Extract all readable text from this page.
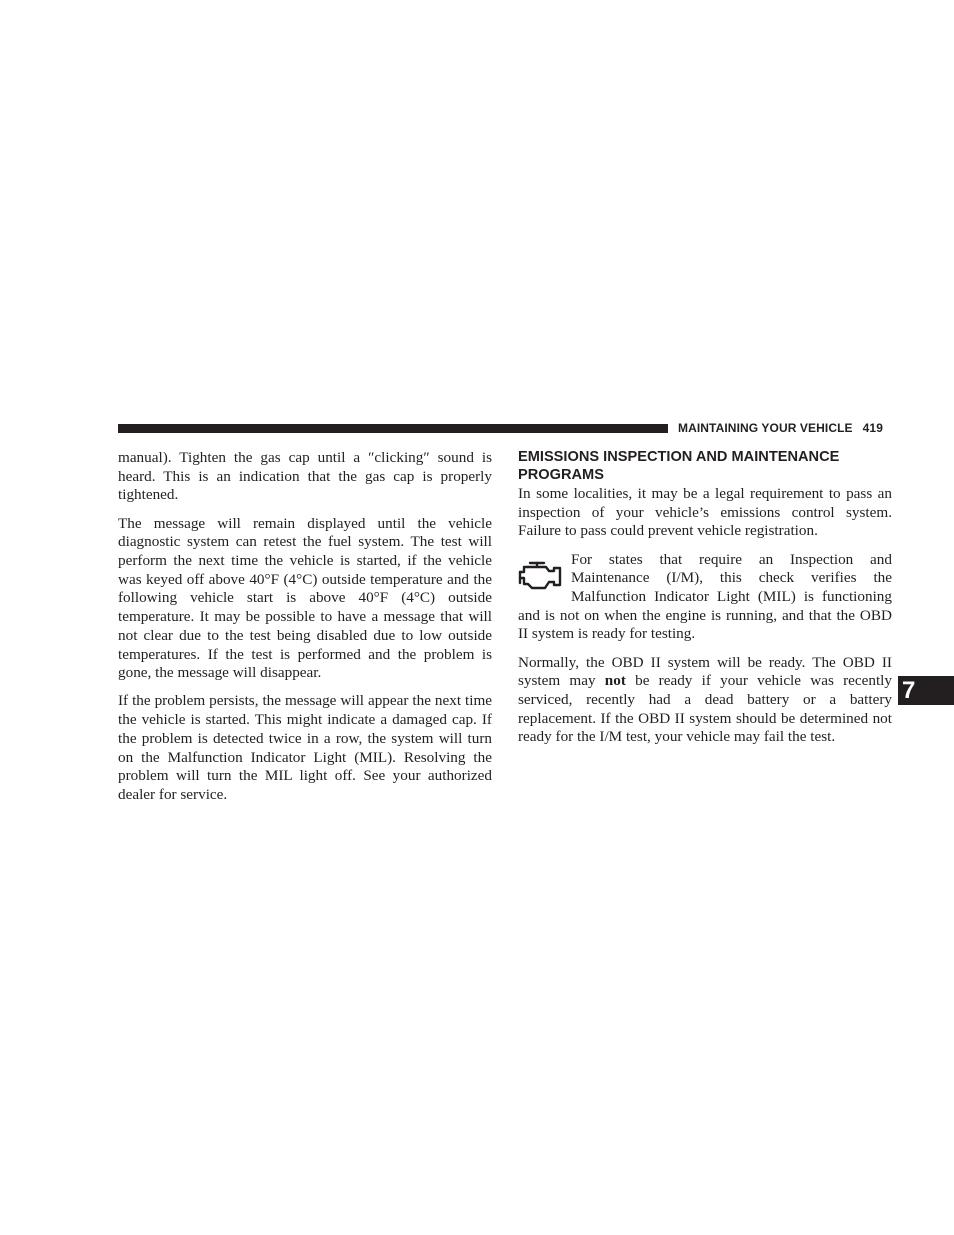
MAINTAINING YOUR VEHICLE 419

manual). Tighten the gas cap until a ″clicking″ sound is heard. This is an indication that the gas cap is properly tightened.

The message will remain displayed until the vehicle diagnostic system can retest the fuel system. The test will perform the next time the vehicle is started, if the vehicle was keyed off above 40°F (4°C) outside temperature and the following vehicle start is above 40°F (4°C) outside temperature. It may be possible to have a message that will not clear due to the test being disabled due to low outside temperatures. If the test is performed and the problem is gone, the message will disappear.

If the problem persists, the message will appear the next time the vehicle is started. This might indicate a damaged cap. If the problem is detected twice in a row, the system will turn on the Malfunction Indicator Light (MIL). Resolving the problem will turn the MIL light off. See your authorized dealer for service.

EMISSIONS INSPECTION AND MAINTENANCE PROGRAMS

In some localities, it may be a legal requirement to pass an inspection of your vehicle’s emissions control system. Failure to pass could prevent vehicle registration.

For states that require an Inspection and Maintenance (I/M), this check verifies the Malfunction Indicator Light (MIL) is functioning and is not on when the engine is running, and that the OBD II system is ready for testing.

Normally, the OBD II system will be ready. The OBD II system may not be ready if your vehicle was recently serviced, recently had a dead battery or a battery replacement. If the OBD II system should be determined not ready for the I/M test, your vehicle may fail the test.

7
